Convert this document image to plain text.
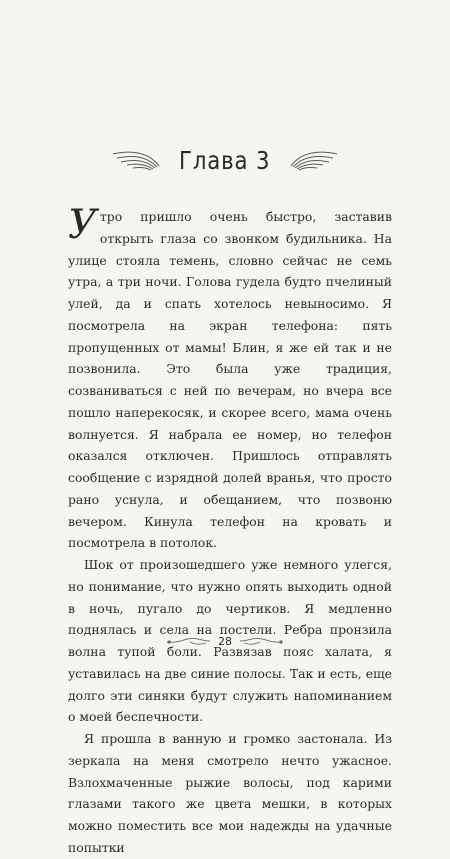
Глава 3

Утро пришло очень быстро, заставив открыть глаза со звонком будильника. На улице стояла темень, словно сейчас не семь утра, а три ночи. Голова гудела будто пчелиный улей, да и спать хотелось невыносимо. Я посмотрела на экран телефона: пять пропущенных от мамы! Блин, я же ей так и не позвонила. Это была уже традиция, созваниваться с ней по вечерам, но вчера все пошло наперекосяк, и скорее всего, мама очень волнуется. Я набрала ее номер, но телефон оказался отключен. Пришлось отправлять сообщение с изрядной долей вранья, что просто рано уснула, и обещанием, что позвоню вечером. Кинула телефон на кровать и посмотрела в потолок.

Шок от произошедшего уже немного улегся, но понимание, что нужно опять выходить одной в ночь, пугало до чертиков. Я медленно поднялась и села на постели. Ребра пронзила волна тупой боли. Развязав пояс халата, я уставилась на две синие полосы. Так и есть, еще долго эти синяки будут служить напоминанием о моей беспечности.

Я прошла в ванную и громко застонала. Из зеркала на меня смотрело нечто ужасное. Взлохмаченные рыжие волосы, под карими глазами такого же цвета мешки, в которых можно поместить все мои надежды на удачные попытки

28
